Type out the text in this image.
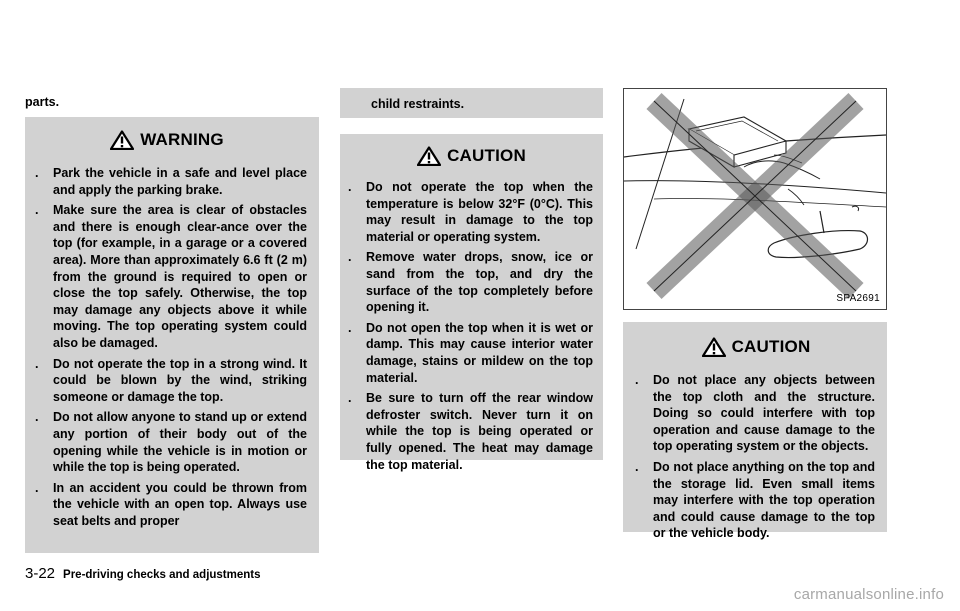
parts.
WARNING
. Park the vehicle in a safe and level place and apply the parking brake.
. Make sure the area is clear of obstacles and there is enough clear-ance over the top (for example, in a garage or a covered area). More than approximately 6.6 ft (2 m) from the ground is required to open or close the top safely. Otherwise, the top may damage any objects above it while moving. The top operating system could also be damaged.
. Do not operate the top in a strong wind. It could be blown by the wind, striking someone or damage the top.
. Do not allow anyone to stand up or extend any portion of their body out of the opening while the vehicle is in motion or while the top is being operated.
. In an accident you could be thrown from the vehicle with an open top. Always use seat belts and proper
child restraints.
CAUTION
. Do not operate the top when the temperature is below 32°F (0°C). This may result in damage to the top material or operating system.
. Remove water drops, snow, ice or sand from the top, and dry the surface of the top completely before opening it.
. Do not open the top when it is wet or damp. This may cause interior water damage, stains or mildew on the top material.
. Be sure to turn off the rear window defroster switch. Never turn it on while the top is being operated or fully opened. The heat may damage the top material.
SPA2691
CAUTION
. Do not place any objects between the top cloth and the structure. Doing so could interfere with top operation and cause damage to the top operating system or the objects.
. Do not place anything on the top and the storage lid. Even small items may interfere with the top operation and could cause damage to the top or the vehicle body.
3-22 Pre-driving checks and adjustments
carmanualsonline.info
